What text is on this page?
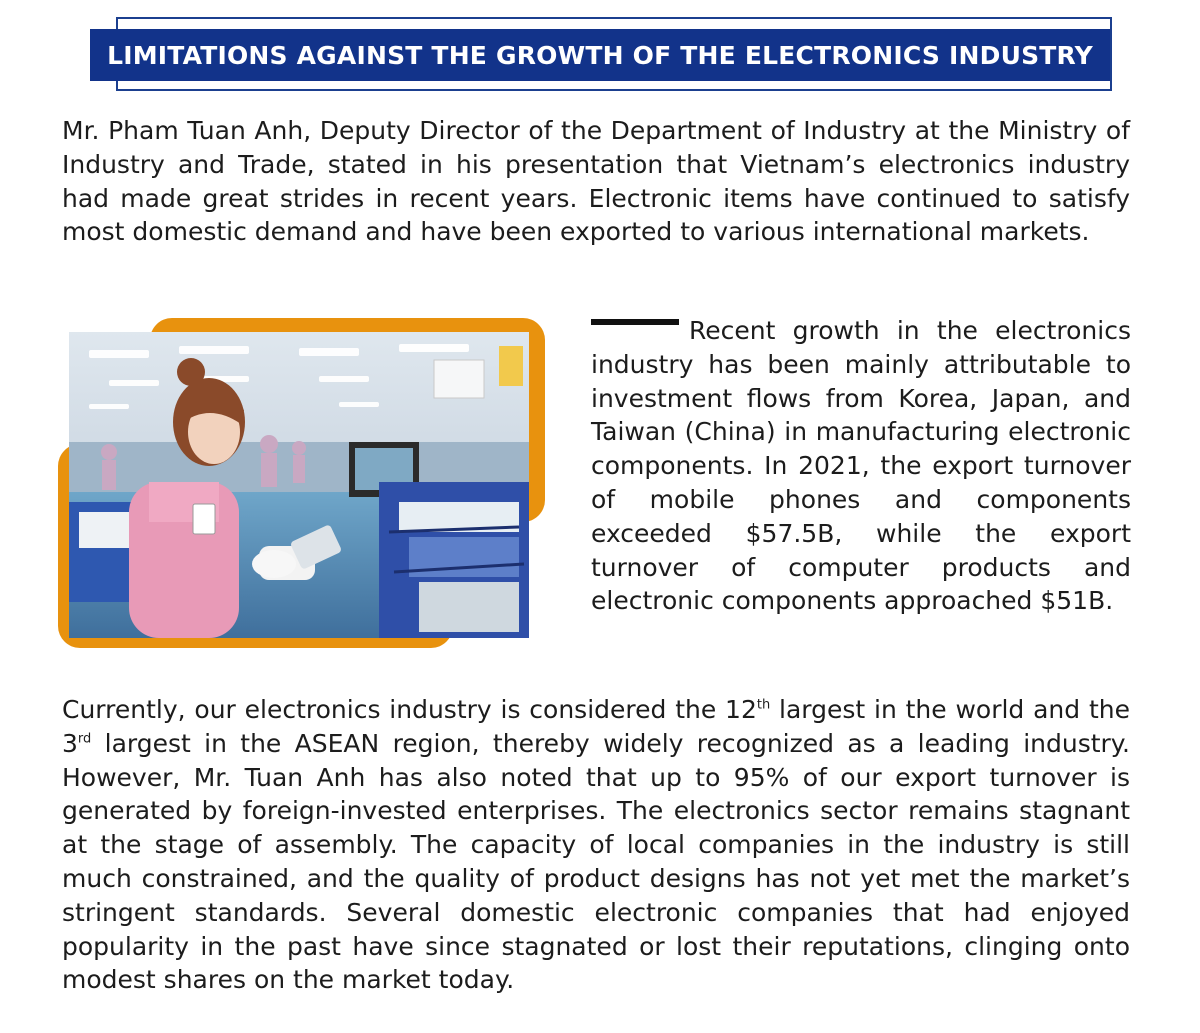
LIMITATIONS AGAINST THE GROWTH OF THE ELECTRONICS INDUSTRY

Mr. Pham Tuan Anh, Deputy Director of the Department of Industry at the Ministry of Industry and Trade, stated in his presentation that Vietnam’s electronics industry had made great strides in recent years. Electronic items have continued to satisfy most domestic demand and have been exported to various international markets.

Recent growth in the electronics industry has been mainly attributable to investment flows from Korea, Japan, and Taiwan (China) in manufacturing electronic components. In 2021, the export turnover of mobile phones and components exceeded $57.5B, while the export turnover of computer products and electronic components approached $51B.

Currently, our electronics industry is considered the 12th largest in the world and the 3rd largest in the ASEAN region, thereby widely recognized as a leading industry. However, Mr. Tuan Anh has also noted that up to 95% of our export turnover is generated by foreign-invested enterprises. The electronics sector remains stagnant at the stage of assembly. The capacity of local companies in the industry is still much constrained, and the quality of product designs has not yet met the market’s stringent standards. Several domestic electronic companies that had enjoyed popularity in the past have since stagnated or lost their reputations, clinging onto modest shares on the market today.
